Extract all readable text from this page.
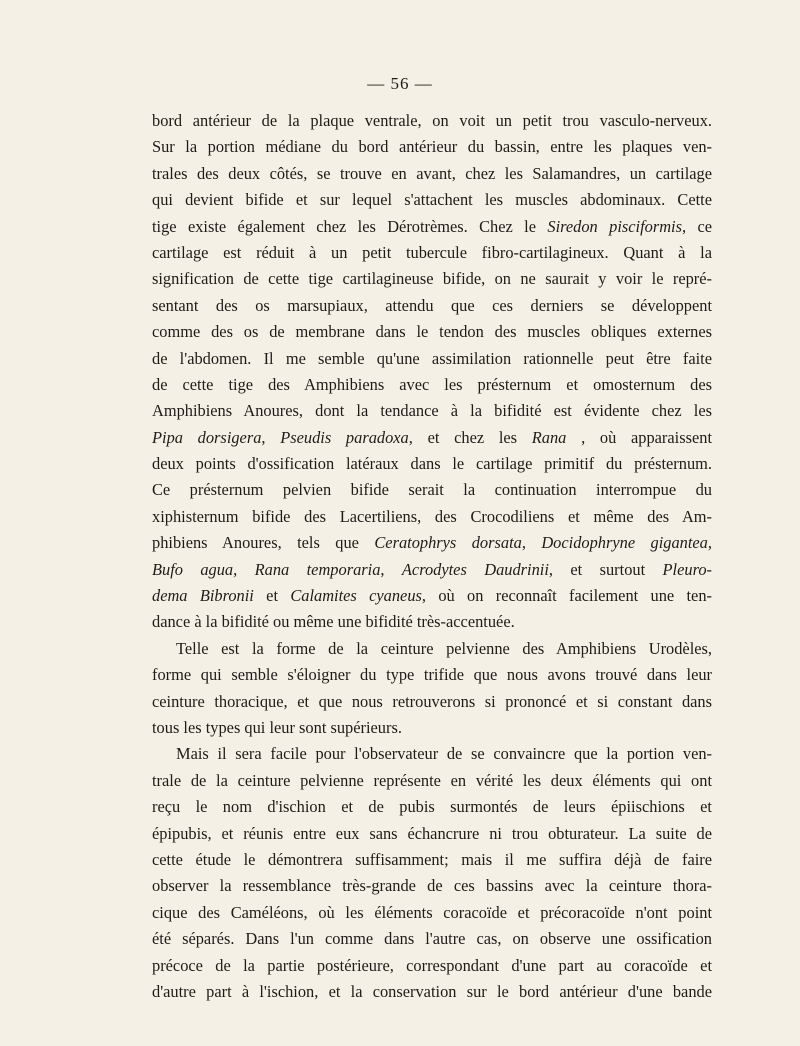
— 56 —
bord antérieur de la plaque ventrale, on voit un petit trou vasculo-nerveux.
Sur la portion médiane du bord antérieur du bassin, entre les plaques ven-
trales des deux côtés, se trouve en avant, chez les Salamandres, un cartilage
qui devient bifide et sur lequel s'attachent les muscles abdominaux. Cette
tige existe également chez les Dérotrèmes. Chez le Siredon pisciformis, ce
cartilage est réduit à un petit tubercule fibro-cartilagineux. Quant à la
signification de cette tige cartilagineuse bifide, on ne saurait y voir le repré-
sentant des os marsupiaux, attendu que ces derniers se développent
comme des os de membrane dans le tendon des muscles obliques externes
de l'abdomen. Il me semble qu'une assimilation rationnelle peut être faite
de cette tige des Amphibiens avec les présternum et omosternum des
Amphibiens Anoures, dont la tendance à la bifidité est évidente chez les
Pipa dorsigera, Pseudis paradoxa, et chez les Rana , où apparaissent
deux points d'ossification latéraux dans le cartilage primitif du présternum.
Ce présternum pelvien bifide serait la continuation interrompue du
xiphisternum bifide des Lacertiliens, des Crocodiliens et même des Am-
phibiens Anoures, tels que Ceratophrys dorsata, Docidophryne gigantea,
Bufo agua, Rana temporaria, Acrodytes Daudrinii, et surtout Pleuro-
dema Bibronii et Calamites cyaneus, où on reconnaît facilement une ten-
dance à la bifidité ou même une bifidité très-accentuée.
Telle est la forme de la ceinture pelvienne des Amphibiens Urodèles,
forme qui semble s'éloigner du type trifide que nous avons trouvé dans leur
ceinture thoracique, et que nous retrouverons si prononcé et si constant dans
tous les types qui leur sont supérieurs.
Mais il sera facile pour l'observateur de se convaincre que la portion ven-
trale de la ceinture pelvienne représente en vérité les deux éléments qui ont
reçu le nom d'ischion et de pubis surmontés de leurs épiischions et
épipubis, et réunis entre eux sans échancrure ni trou obturateur. La suite de
cette étude le démontrera suffisamment; mais il me suffira déjà de faire
observer la ressemblance très-grande de ces bassins avec la ceinture thora-
cique des Caméléons, où les éléments coracoïde et précoracoïde n'ont point
été séparés. Dans l'un comme dans l'autre cas, on observe une ossification
précoce de la partie postérieure, correspondant d'une part au coracoïde et
d'autre part à l'ischion, et la conservation sur le bord antérieur d'une bande
